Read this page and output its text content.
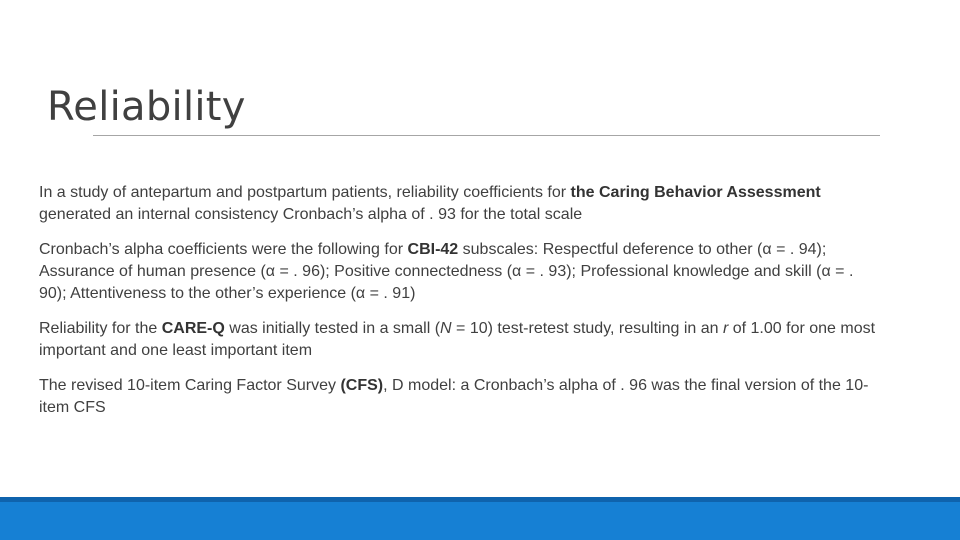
Reliability

In a study of antepartum and postpartum patients, reliability coefficients for the Caring Behavior Assessment generated an internal consistency Cronbach’s alpha of . 93 for the total scale

Cronbach’s alpha coefficients were the following for CBI-42 subscales: Respectful deference to other (α = . 94); Assurance of human presence (α = . 96); Positive connectedness (α = . 93); Professional knowledge and skill (α = . 90); Attentiveness to the other’s experience (α = . 91)

Reliability for the CARE-Q was initially tested in a small (N = 10) test-retest study, resulting in an r of 1.00 for one most important and one least important item

The revised 10-item Caring Factor Survey (CFS), D model: a Cronbach’s alpha of . 96 was the final version of the 10-item CFS
